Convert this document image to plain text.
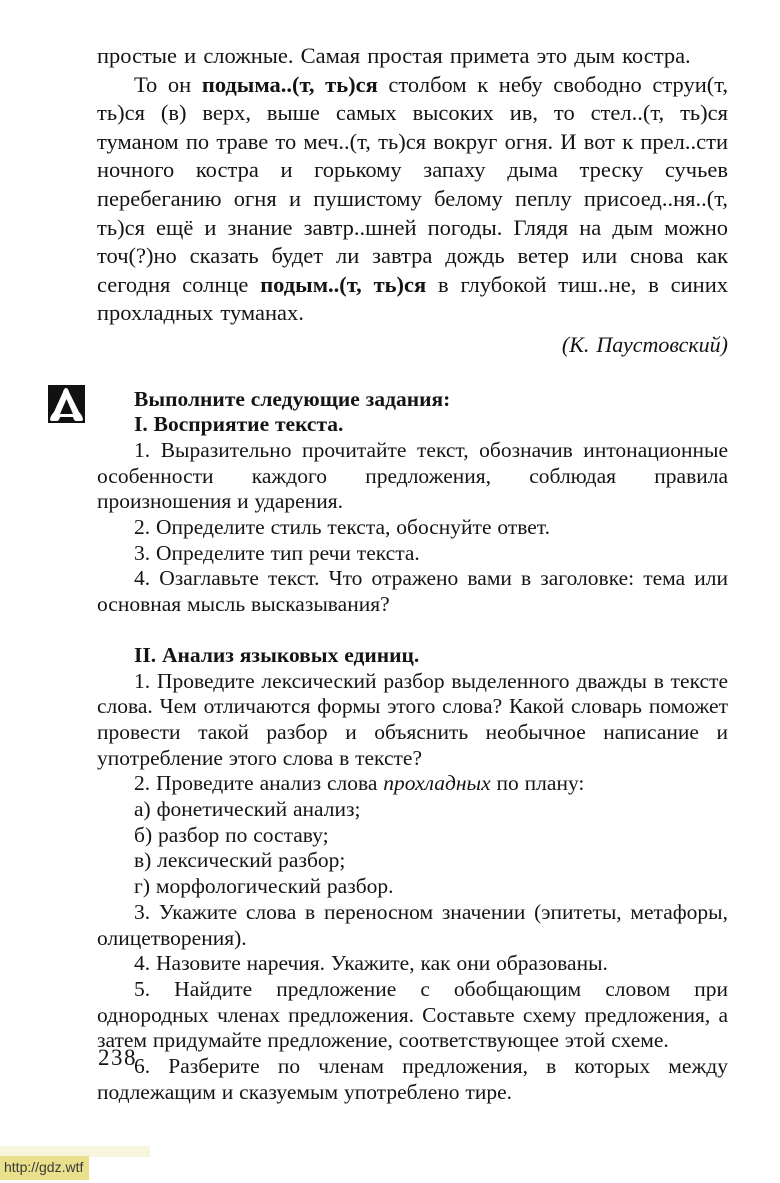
простые и сложные. Самая простая примета это дым костра.

То он подыма..(т, ть)ся столбом к небу свободно струи(т, ть)ся (в) верх, выше самых высоких ив, то стел..(т, ть)ся туманом по траве то меч..(т, ть)ся вокруг огня. И вот к прел..сти ночного костра и горькому запаху дыма треску сучьев перебеганию огня и пушистому белому пеплу присоед..ня..(т, ть)ся ещё и знание завтр..шней погоды. Глядя на дым можно точ(?)но сказать будет ли завтра дождь ветер или снова как сегодня солнце подым..(т, ть)ся в глубокой тиш..не, в синих прохладных туманах.

(К. Паустовский)

Выполните следующие задания:

I. Восприятие текста.

1. Выразительно прочитайте текст, обозначив интонационные особенности каждого предложения, соблюдая правила произношения и ударения.

2. Определите стиль текста, обоснуйте ответ.

3. Определите тип речи текста.

4. Озаглавьте текст. Что отражено вами в заголовке: тема или основная мысль высказывания?

II. Анализ языковых единиц.

1. Проведите лексический разбор выделенного дважды в тексте слова. Чем отличаются формы этого слова? Какой словарь поможет провести такой разбор и объяснить необычное написание и употребление этого слова в тексте?

2. Проведите анализ слова прохладных по плану:

а) фонетический анализ;

б) разбор по составу;

в) лексический разбор;

г) морфологический разбор.

3. Укажите слова в переносном значении (эпитеты, метафоры, олицетворения).

4. Назовите наречия. Укажите, как они образованы.

5. Найдите предложение с обобщающим словом при однородных членах предложения. Составьте схему предложения, а затем придумайте предложение, соответствующее этой схеме.

6. Разберите по членам предложения, в которых между подлежащим и сказуемым употреблено тире.

238
http://gdz.wtf
